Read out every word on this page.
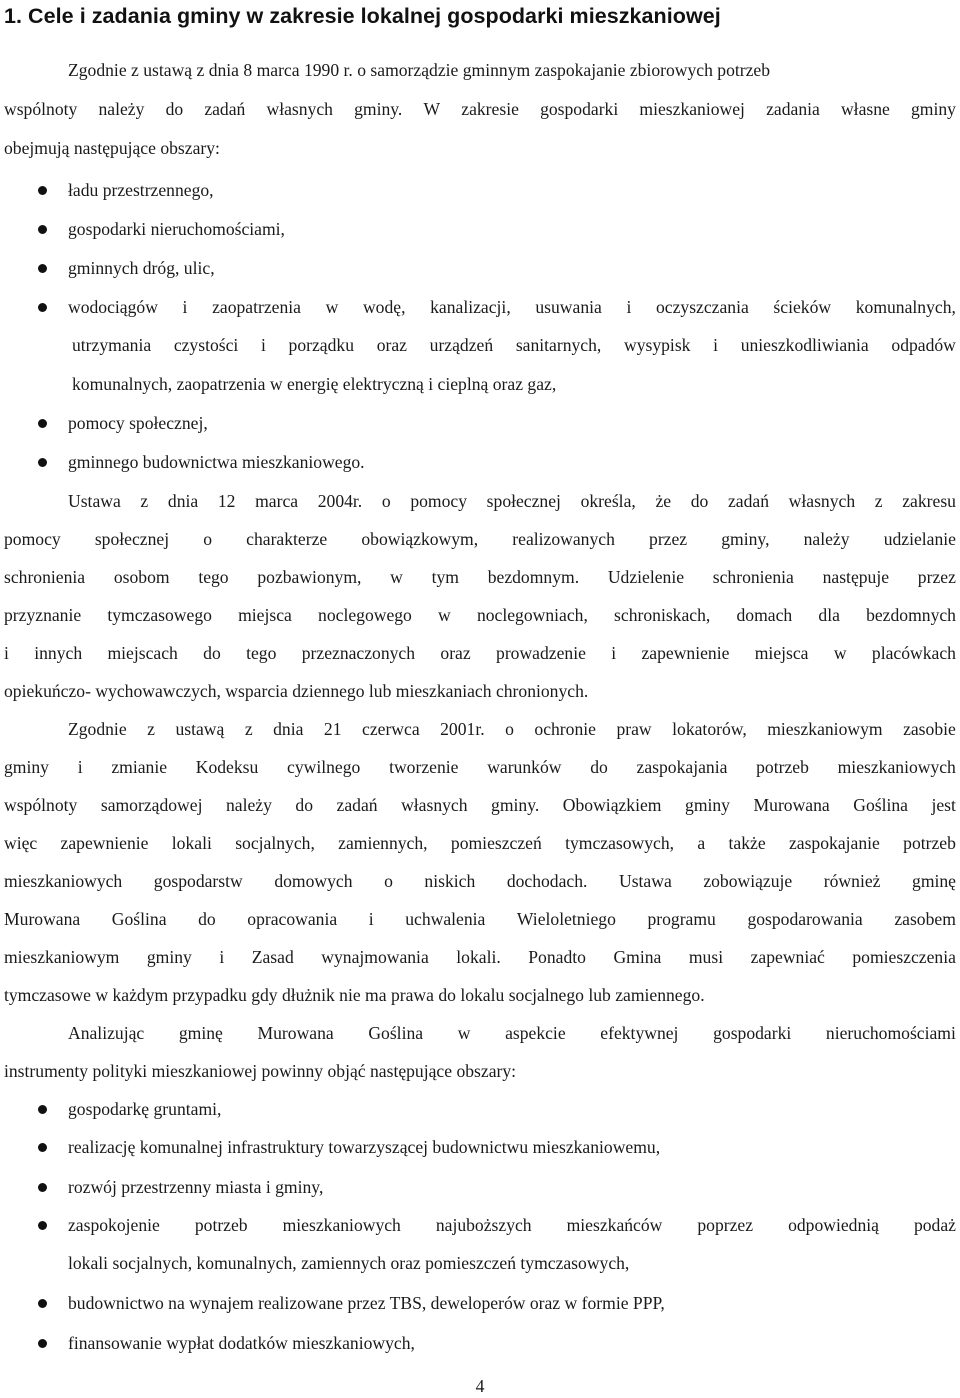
1. Cele i zadania gminy w zakresie lokalnej gospodarki mieszkaniowej
Zgodnie z ustawą z dnia 8 marca 1990 r. o samorządzie gminnym zaspokajanie zbiorowych potrzeb
wspólnoty należy do zadań własnych gminy. W zakresie gospodarki mieszkaniowej zadania własne gminy
obejmują następujące obszary:
ładu przestrzennego,
gospodarki nieruchomościami,
gminnych dróg, ulic,
wodociągów i zaopatrzenia w wodę, kanalizacji, usuwania i oczyszczania ścieków komunalnych,
utrzymania czystości i porządku oraz urządzeń sanitarnych, wysypisk i unieszkodliwiania odpadów
komunalnych, zaopatrzenia w energię elektryczną i cieplną oraz gaz,
pomocy społecznej,
gminnego budownictwa mieszkaniowego.
Ustawa z dnia 12 marca 2004r. o pomocy społecznej określa, że do zadań własnych z zakresu
pomocy społecznej o charakterze obowiązkowym, realizowanych przez gminy, należy udzielanie
schronienia osobom tego pozbawionym, w tym bezdomnym. Udzielenie schronienia następuje przez
przyznanie tymczasowego miejsca noclegowego w noclegowniach, schroniskach, domach dla bezdomnych
i innych miejscach do tego przeznaczonych oraz prowadzenie i zapewnienie miejsca w placówkach
opiekuńczo- wychowawczych, wsparcia dziennego lub mieszkaniach chronionych.
Zgodnie z ustawą z dnia 21 czerwca 2001r. o ochronie praw lokatorów, mieszkaniowym zasobie
gminy i zmianie Kodeksu cywilnego tworzenie warunków do zaspokajania potrzeb mieszkaniowych
wspólnoty samorządowej należy do zadań własnych gminy. Obowiązkiem gminy Murowana Goślina jest
więc zapewnienie lokali socjalnych, zamiennych, pomieszczeń tymczasowych, a także zaspokajanie potrzeb
mieszkaniowych gospodarstw domowych o niskich dochodach. Ustawa zobowiązuje również gminę
Murowana Goślina do opracowania i uchwalenia Wieloletniego programu gospodarowania zasobem
mieszkaniowym gminy i Zasad wynajmowania lokali. Ponadto Gmina musi zapewniać pomieszczenia
tymczasowe w każdym przypadku gdy dłużnik nie ma prawa do lokalu socjalnego lub zamiennego.
Analizując gminę Murowana Goślina w aspekcie efektywnej gospodarki nieruchomościami
instrumenty polityki mieszkaniowej powinny objąć następujące obszary:
gospodarkę gruntami,
realizację komunalnej infrastruktury towarzyszącej budownictwu mieszkaniowemu,
rozwój przestrzenny miasta i gminy,
zaspokojenie potrzeb mieszkaniowych najuboższych mieszkańców poprzez odpowiednią podaż
lokali socjalnych, komunalnych, zamiennych oraz pomieszczeń tymczasowych,
budownictwo na wynajem realizowane przez TBS, deweloperów oraz w formie PPP,
finansowanie wypłat dodatków mieszkaniowych,
4
